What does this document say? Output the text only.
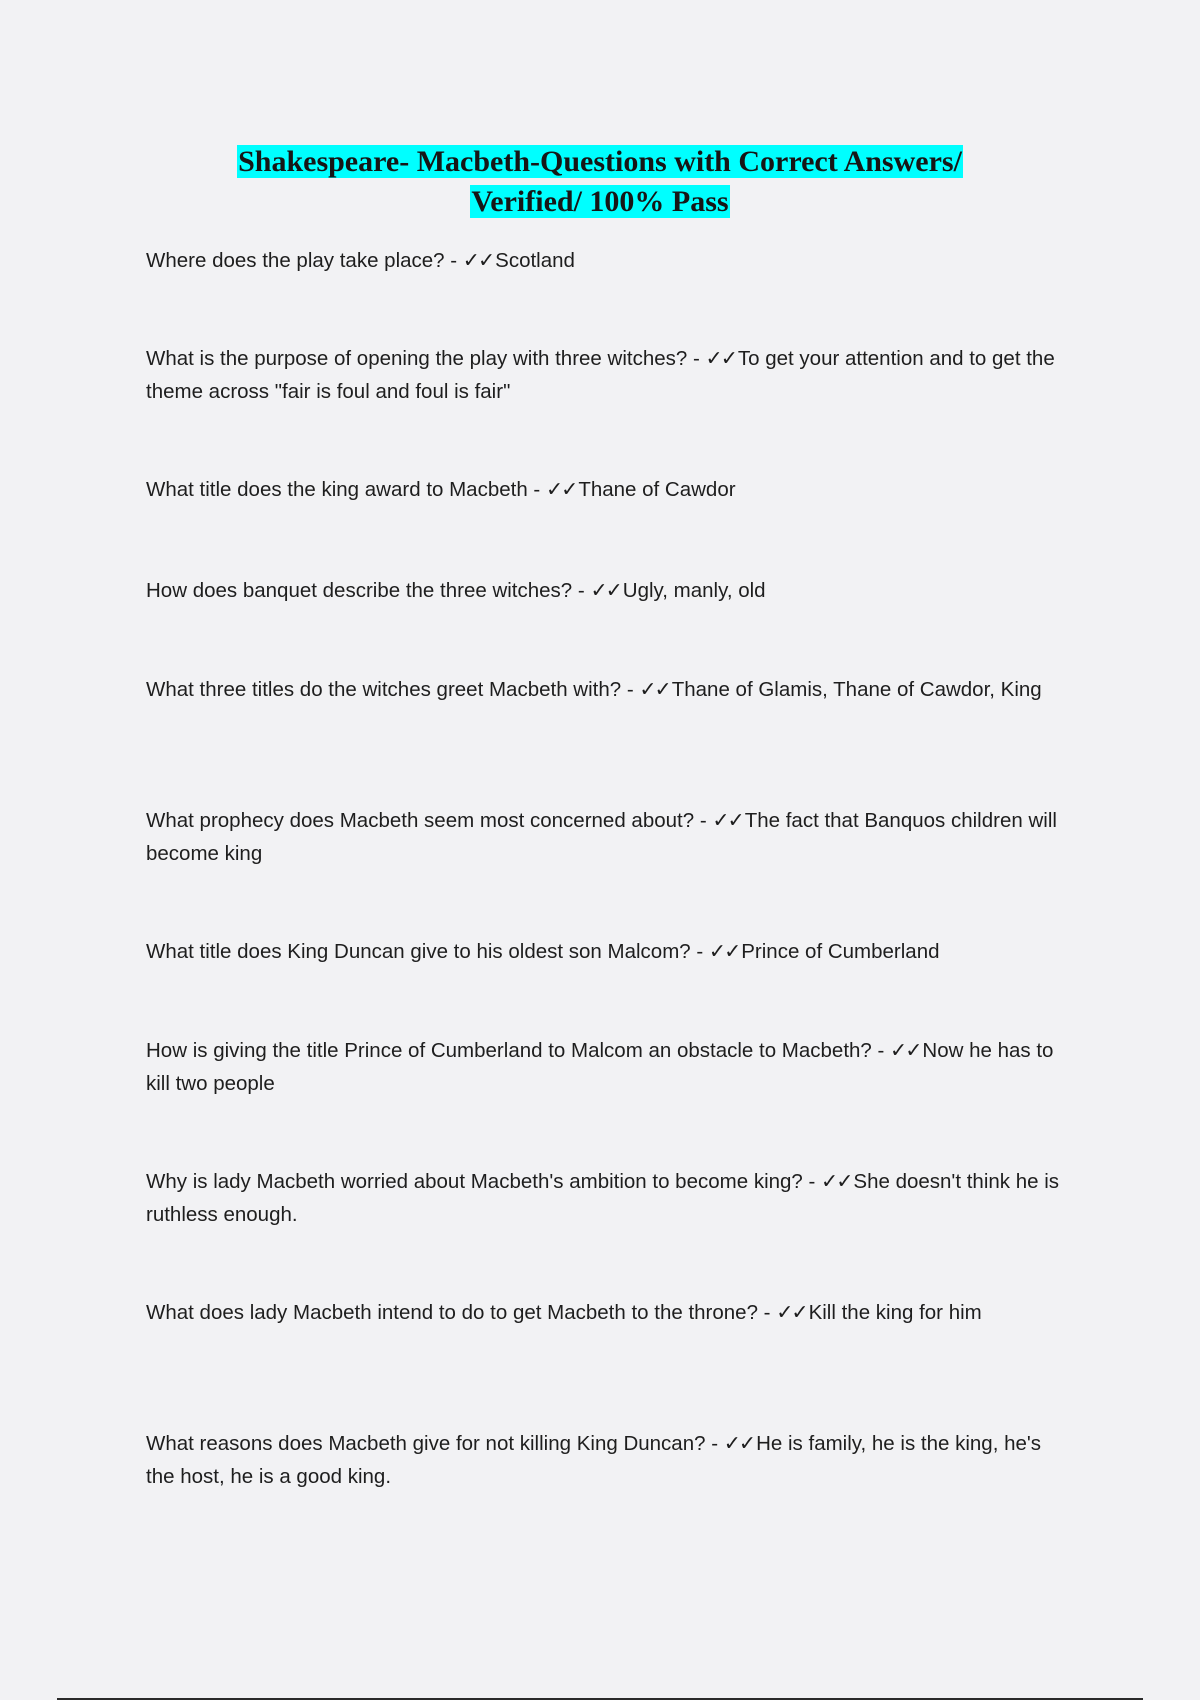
Shakespeare- Macbeth-Questions with Correct Answers/
Verified/ 100% Pass
Where does the play take place? - ✓✓Scotland
What is the purpose of opening the play with three witches? - ✓✓To get your attention and to get the theme across "fair is foul and foul is fair"
What title does the king award to Macbeth - ✓✓Thane of Cawdor
How does banquet describe the three witches? - ✓✓Ugly, manly, old
What three titles do the witches greet Macbeth with? - ✓✓Thane of Glamis, Thane of Cawdor, King
What prophecy does Macbeth seem most concerned about? - ✓✓The fact that Banquos children will become king
What title does King Duncan give to his oldest son Malcom? - ✓✓Prince of Cumberland
How is giving the title Prince of Cumberland to Malcom an obstacle to Macbeth? - ✓✓Now he has to kill two people
Why is lady Macbeth worried about Macbeth's ambition to become king? - ✓✓She doesn't think he is ruthless enough.
What does lady Macbeth intend to do to get Macbeth to the throne? - ✓✓Kill the king for him
What reasons does Macbeth give for not killing King Duncan? - ✓✓He is family, he is the king, he's the host, he is a good king.
